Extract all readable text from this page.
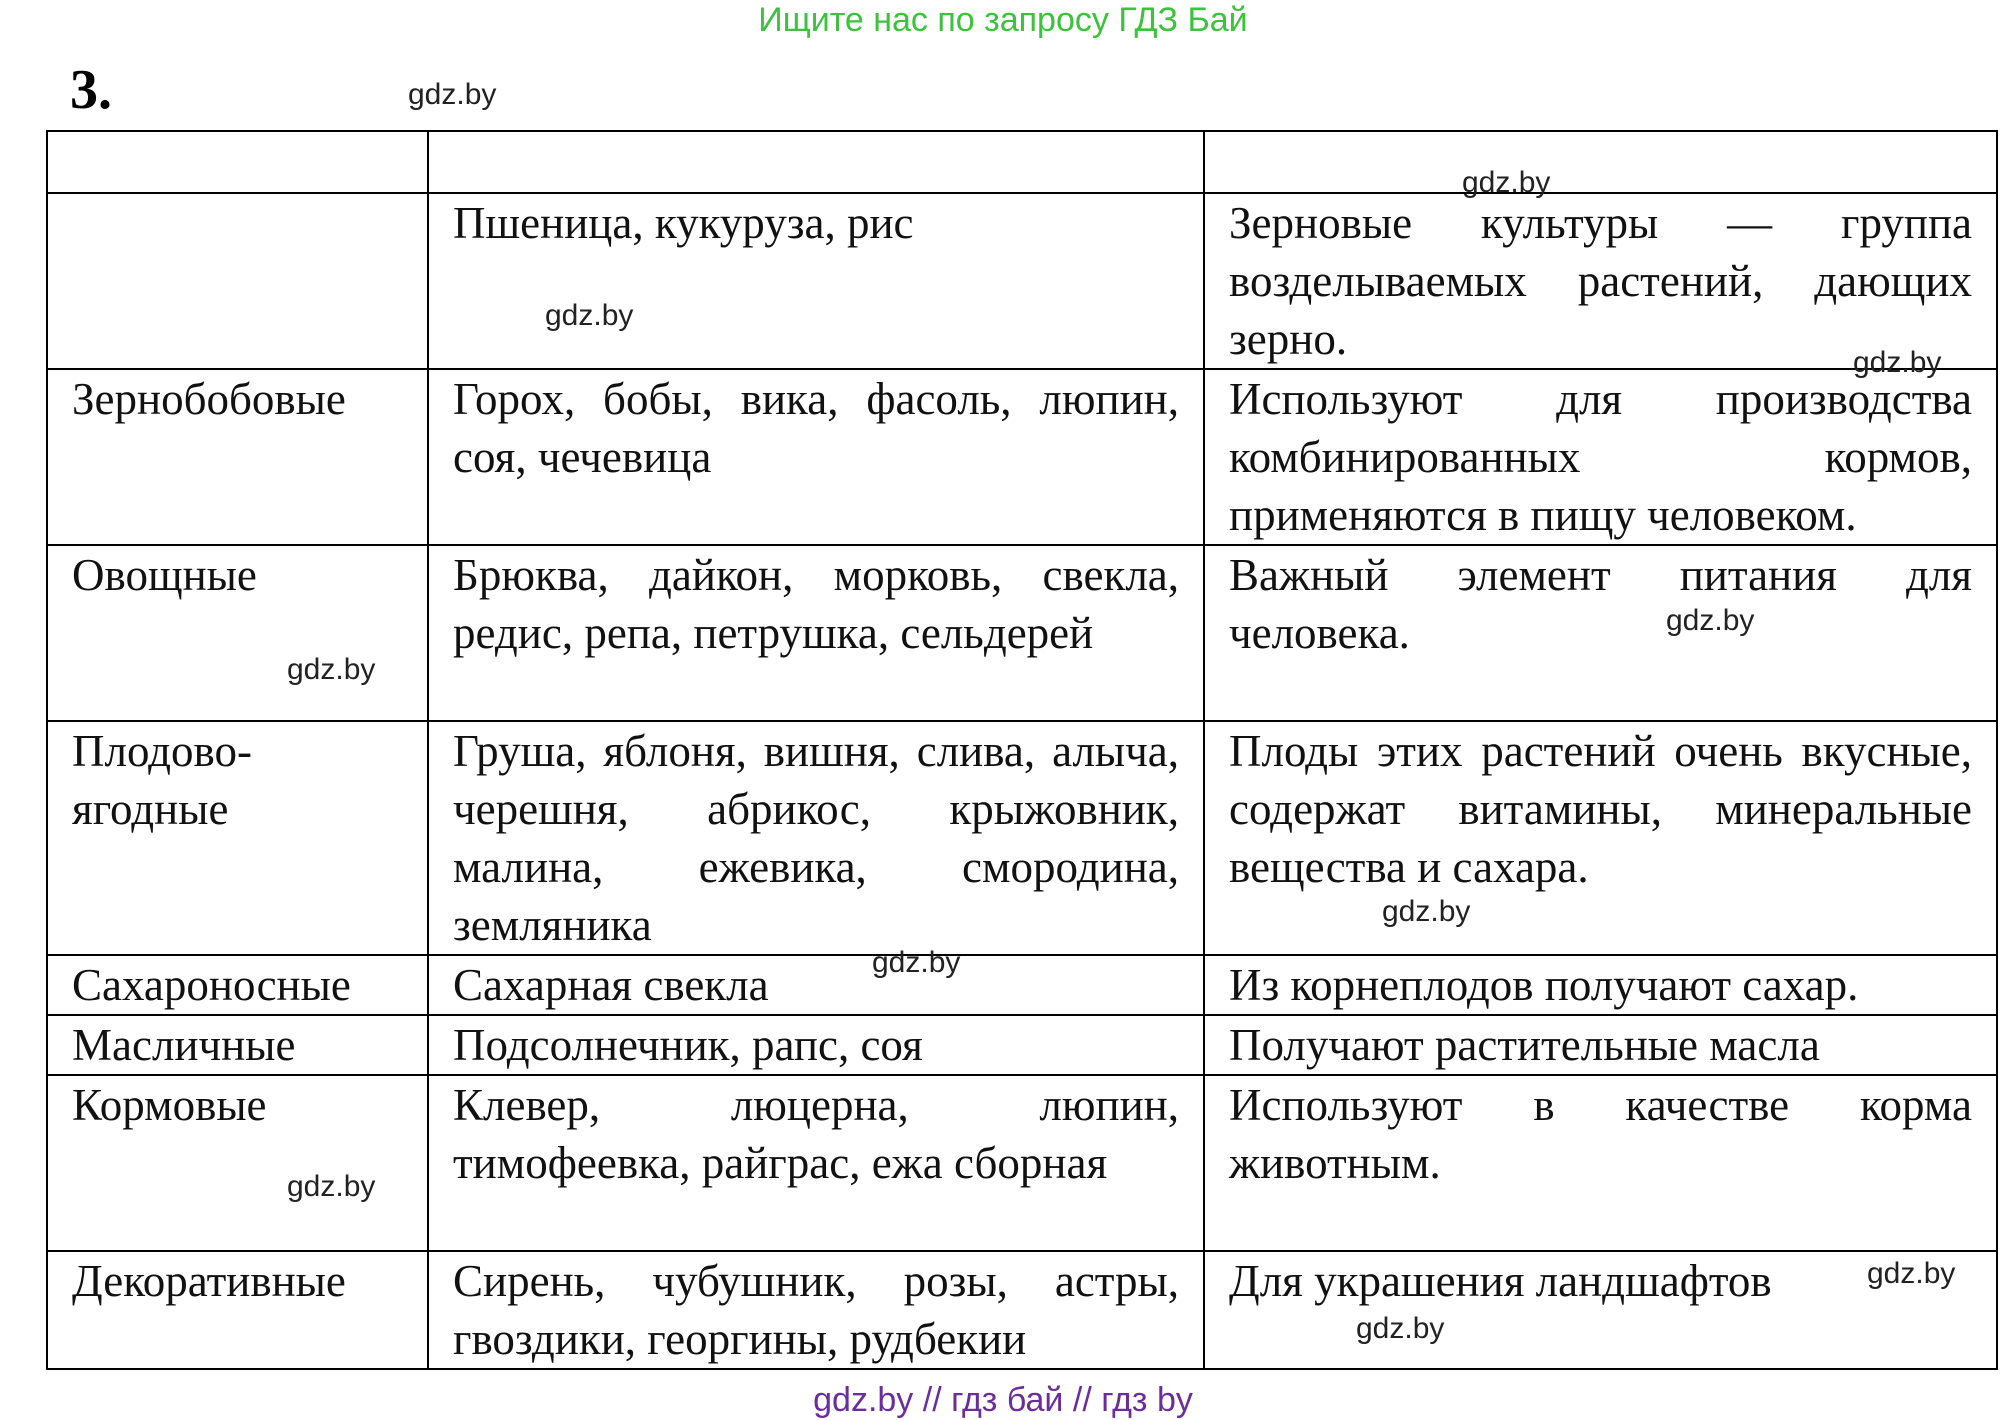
Ищите нас по запросу ГДЗ Бай
3.

	Пшеница, кукуруза, рис	Зерновые культуры — группа возделываемых растений, дающих зерно.
Зернобобовые	Горох, бобы, вика, фасоль, люпин, соя, чечевица	Используют для производства комбинированных кормов, применяются в пищу человеком.
Овощные	Брюква, дайкон, морковь, свекла, редис, репа, петрушка, сельдерей	Важный элемент питания для человека.
Плодово-ягодные	Груша, яблоня, вишня, слива, алыча, черешня, абрикос, крыжовник, малина, ежевика, смородина, земляника	Плоды этих растений очень вкусные, содержат витамины, минеральные вещества и сахара.
Сахароносные	Сахарная свекла	Из корнеплодов получают сахар.
Масличные	Подсолнечник, рапс, соя	Получают растительные масла
Кормовые	Клевер, люцерна, люпин, тимофеевка, райграс, ежа сборная	Используют в качестве корма животным.
Декоративные	Сирень, чубушник, розы, астры, гвоздики, георгины, рудбекии	Для украшения ландшафтов
gdz.by
gdz.by
gdz.by
gdz.by
gdz.by
gdz.by
gdz.by
gdz.by
gdz.by
gdz.by
gdz.by
gdz.by // гдз бай // гдз by
